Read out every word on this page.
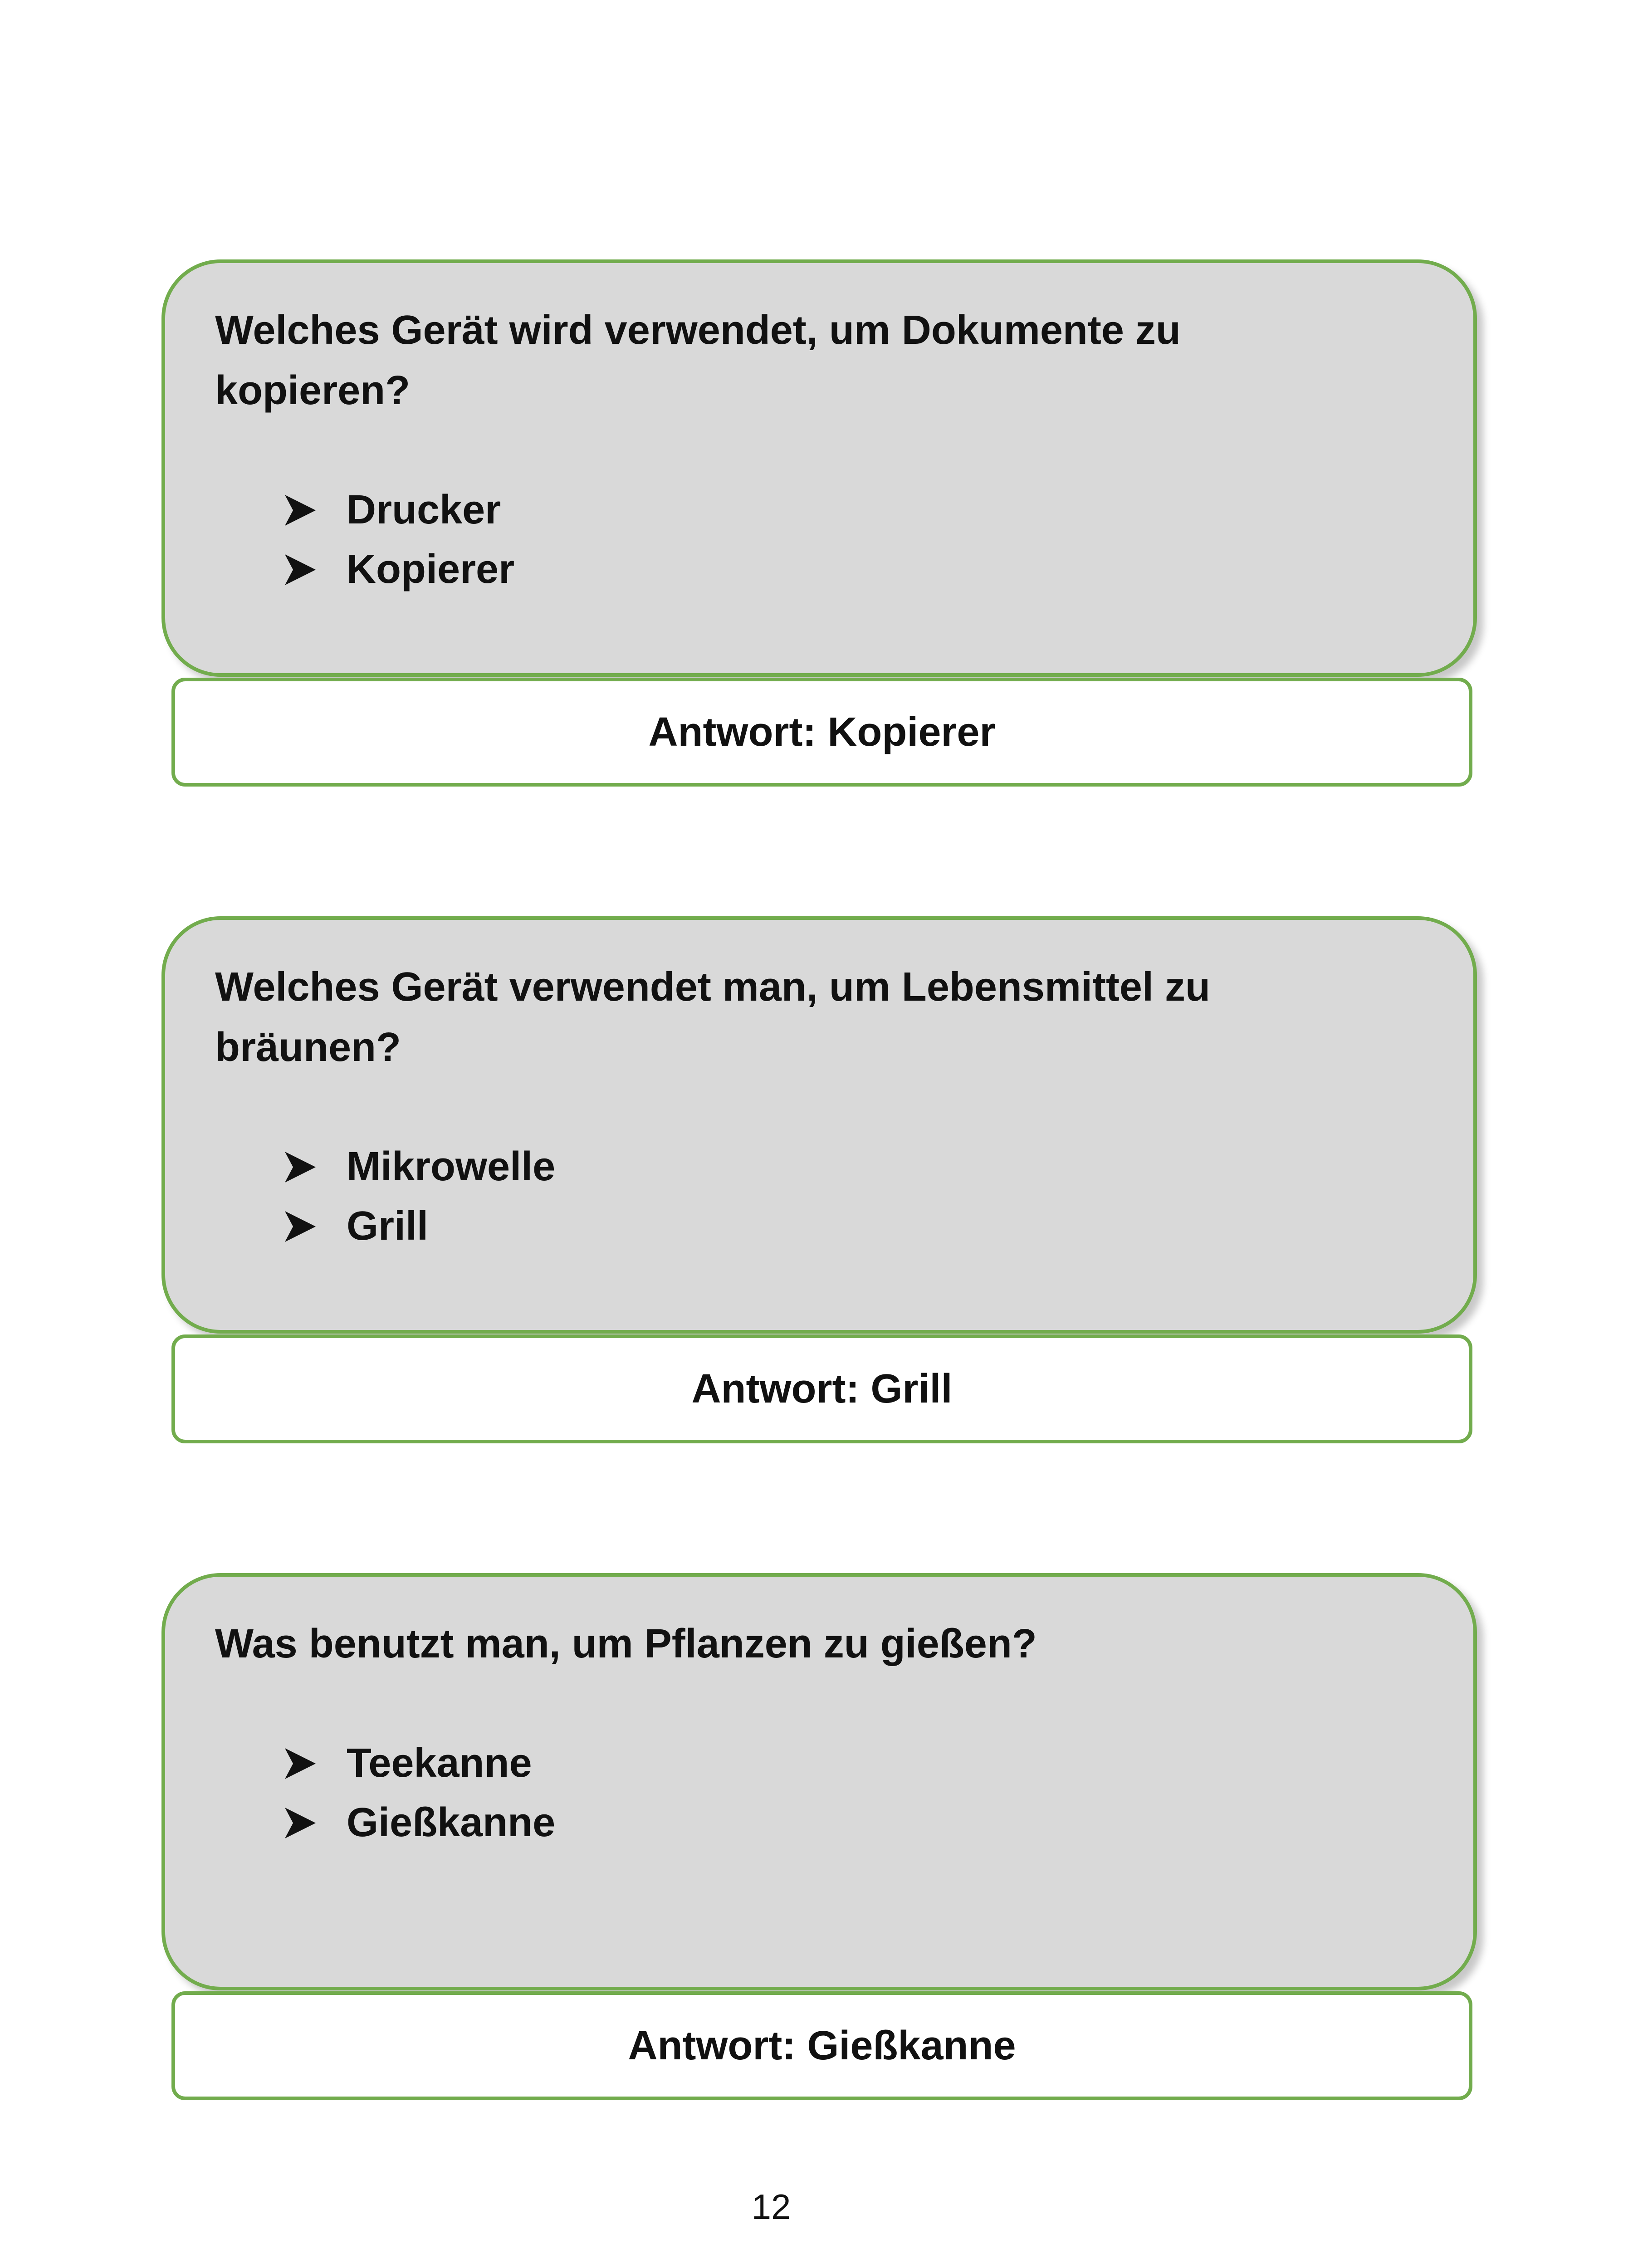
Welches Gerät wird verwendet, um Dokumente zu kopieren?

Drucker
Kopierer
Antwort: Kopierer

Welches Gerät verwendet man, um Lebensmittel zu bräunen?

Mikrowelle
Grill
Antwort: Grill

Was benutzt man, um Pflanzen zu gießen?

Teekanne
Gießkanne
Antwort: Gießkanne
12
